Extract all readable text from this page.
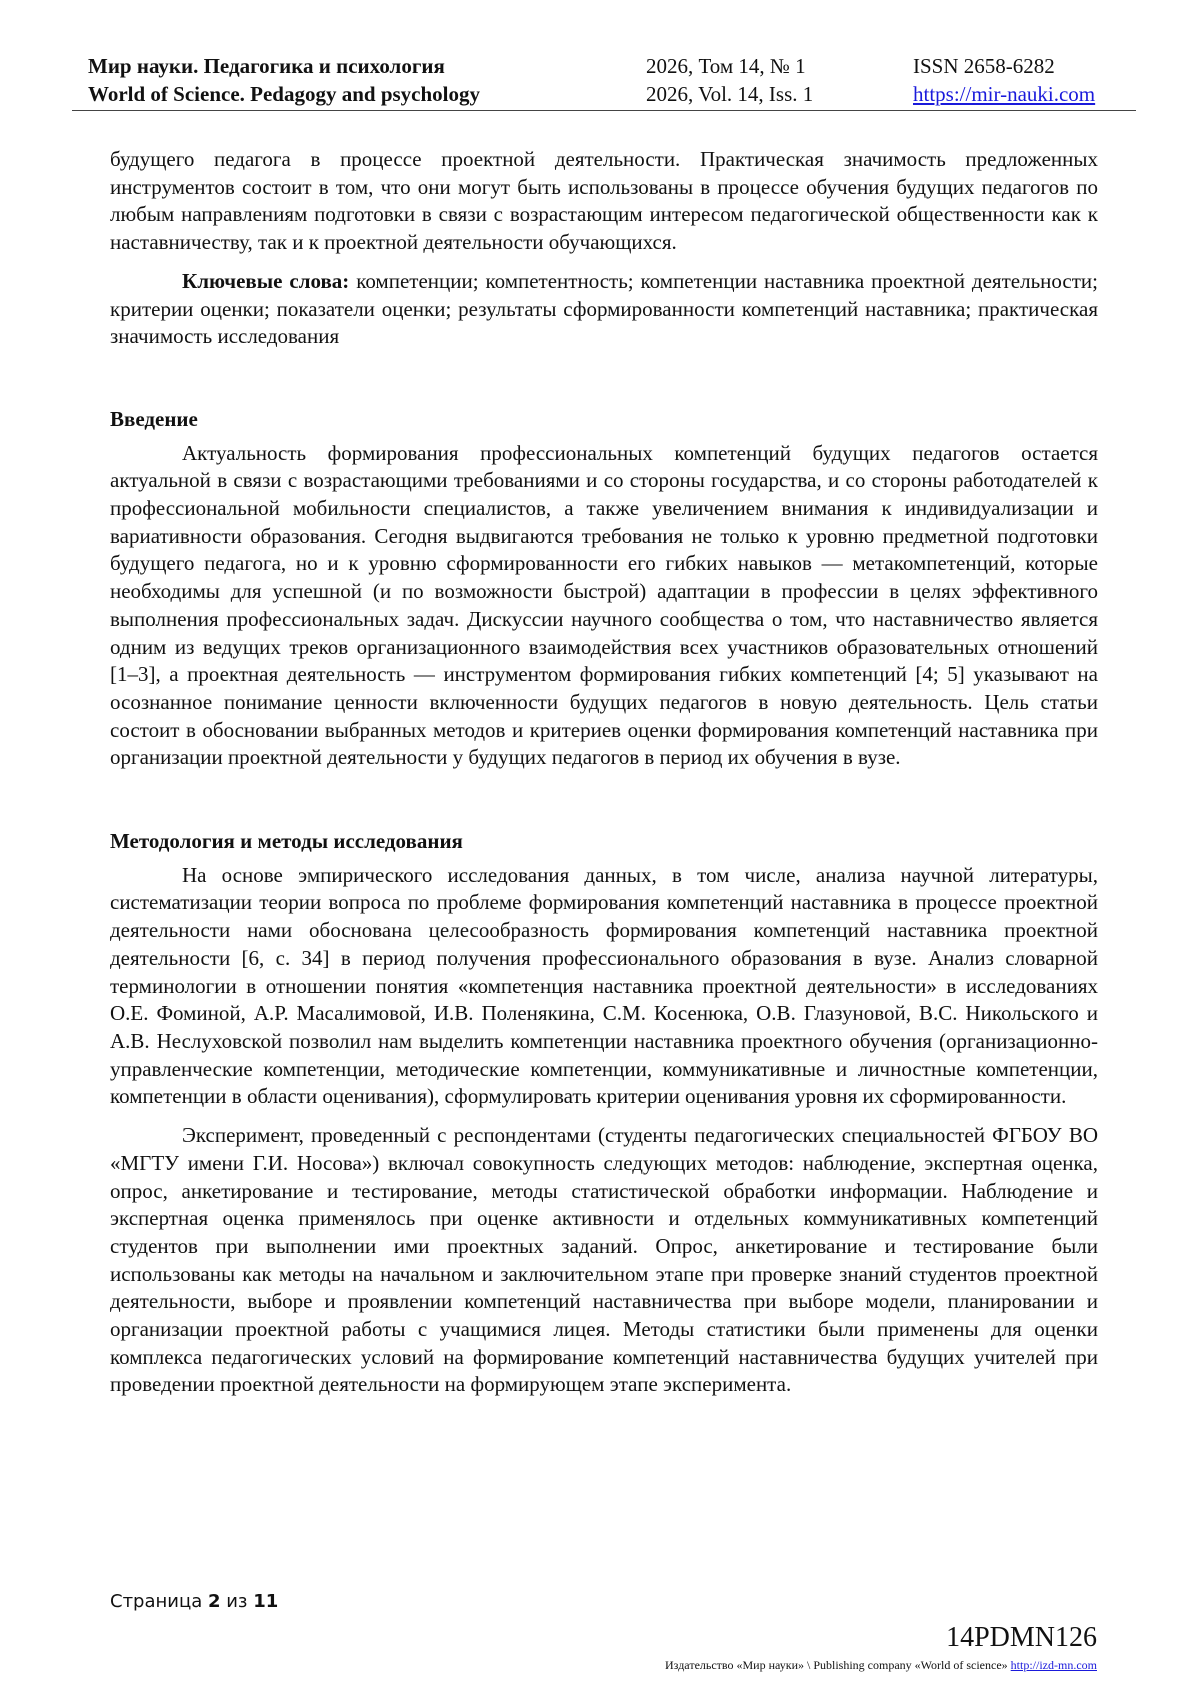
Мир науки. Педагогика и психология
World of Science. Pedagogy and psychology
2026, Том 14, № 1
2026, Vol. 14, Iss. 1
ISSN 2658-6282
https://mir-nauki.com

будущего педагога в процессе проектной деятельности. Практическая значимость предложенных инструментов состоит в том, что они могут быть использованы в процессе обучения будущих педагогов по любым направлениям подготовки в связи с возрастающим интересом педагогической общественности как к наставничеству, так и к проектной деятельности обучающихся.

Ключевые слова: компетенции; компетентность; компетенции наставника проектной деятельности; критерии оценки; показатели оценки; результаты сформированности компетенций наставника; практическая значимость исследования

Введение

Актуальность формирования профессиональных компетенций будущих педагогов остается актуальной в связи с возрастающими требованиями и со стороны государства, и со стороны работодателей к профессиональной мобильности специалистов, а также увеличением внимания к индивидуализации и вариативности образования. Сегодня выдвигаются требования не только к уровню предметной подготовки будущего педагога, но и к уровню сформированности его гибких навыков — метакомпетенций, которые необходимы для успешной (и по возможности быстрой) адаптации в профессии в целях эффективного выполнения профессиональных задач. Дискуссии научного сообщества о том, что наставничество является одним из ведущих треков организационного взаимодействия всех участников образовательных отношений [1–3], а проектная деятельность — инструментом формирования гибких компетенций [4; 5] указывают на осознанное понимание ценности включенности будущих педагогов в новую деятельность. Цель статьи состоит в обосновании выбранных методов и критериев оценки формирования компетенций наставника при организации проектной деятельности у будущих педагогов в период их обучения в вузе.

Методология и методы исследования

На основе эмпирического исследования данных, в том числе, анализа научной литературы, систематизации теории вопроса по проблеме формирования компетенций наставника в процессе проектной деятельности нами обоснована целесообразность формирования компетенций наставника проектной деятельности [6, с. 34] в период получения профессионального образования в вузе. Анализ словарной терминологии в отношении понятия «компетенция наставника проектной деятельности» в исследованиях О.Е. Фоминой, А.Р. Масалимовой, И.В. Поленякина, С.М. Косенюка, О.В. Глазуновой, В.С. Никольского и А.В. Неслуховской позволил нам выделить компетенции наставника проектного обучения (организационно-управленческие компетенции, методические компетенции, коммуникативные и личностные компетенции, компетенции в области оценивания), сформулировать критерии оценивания уровня их сформированности.

Эксперимент, проведенный с респондентами (студенты педагогических специальностей ФГБОУ ВО «МГТУ имени Г.И. Носова») включал совокупность следующих методов: наблюдение, экспертная оценка, опрос, анкетирование и тестирование, методы статистической обработки информации. Наблюдение и экспертная оценка применялось при оценке активности и отдельных коммуникативных компетенций студентов при выполнении ими проектных заданий. Опрос, анкетирование и тестирование были использованы как методы на начальном и заключительном этапе при проверке знаний студентов проектной деятельности, выборе и проявлении компетенций наставничества при выборе модели, планировании и организации проектной работы с учащимися лицея. Методы статистики были применены для оценки комплекса педагогических условий на формирование компетенций наставничества будущих учителей при проведении проектной деятельности на формирующем этапе эксперимента.

Страница 2 из 11
14PDMN126
Издательство «Мир науки» \ Publishing company «World of science» http://izd-mn.com
